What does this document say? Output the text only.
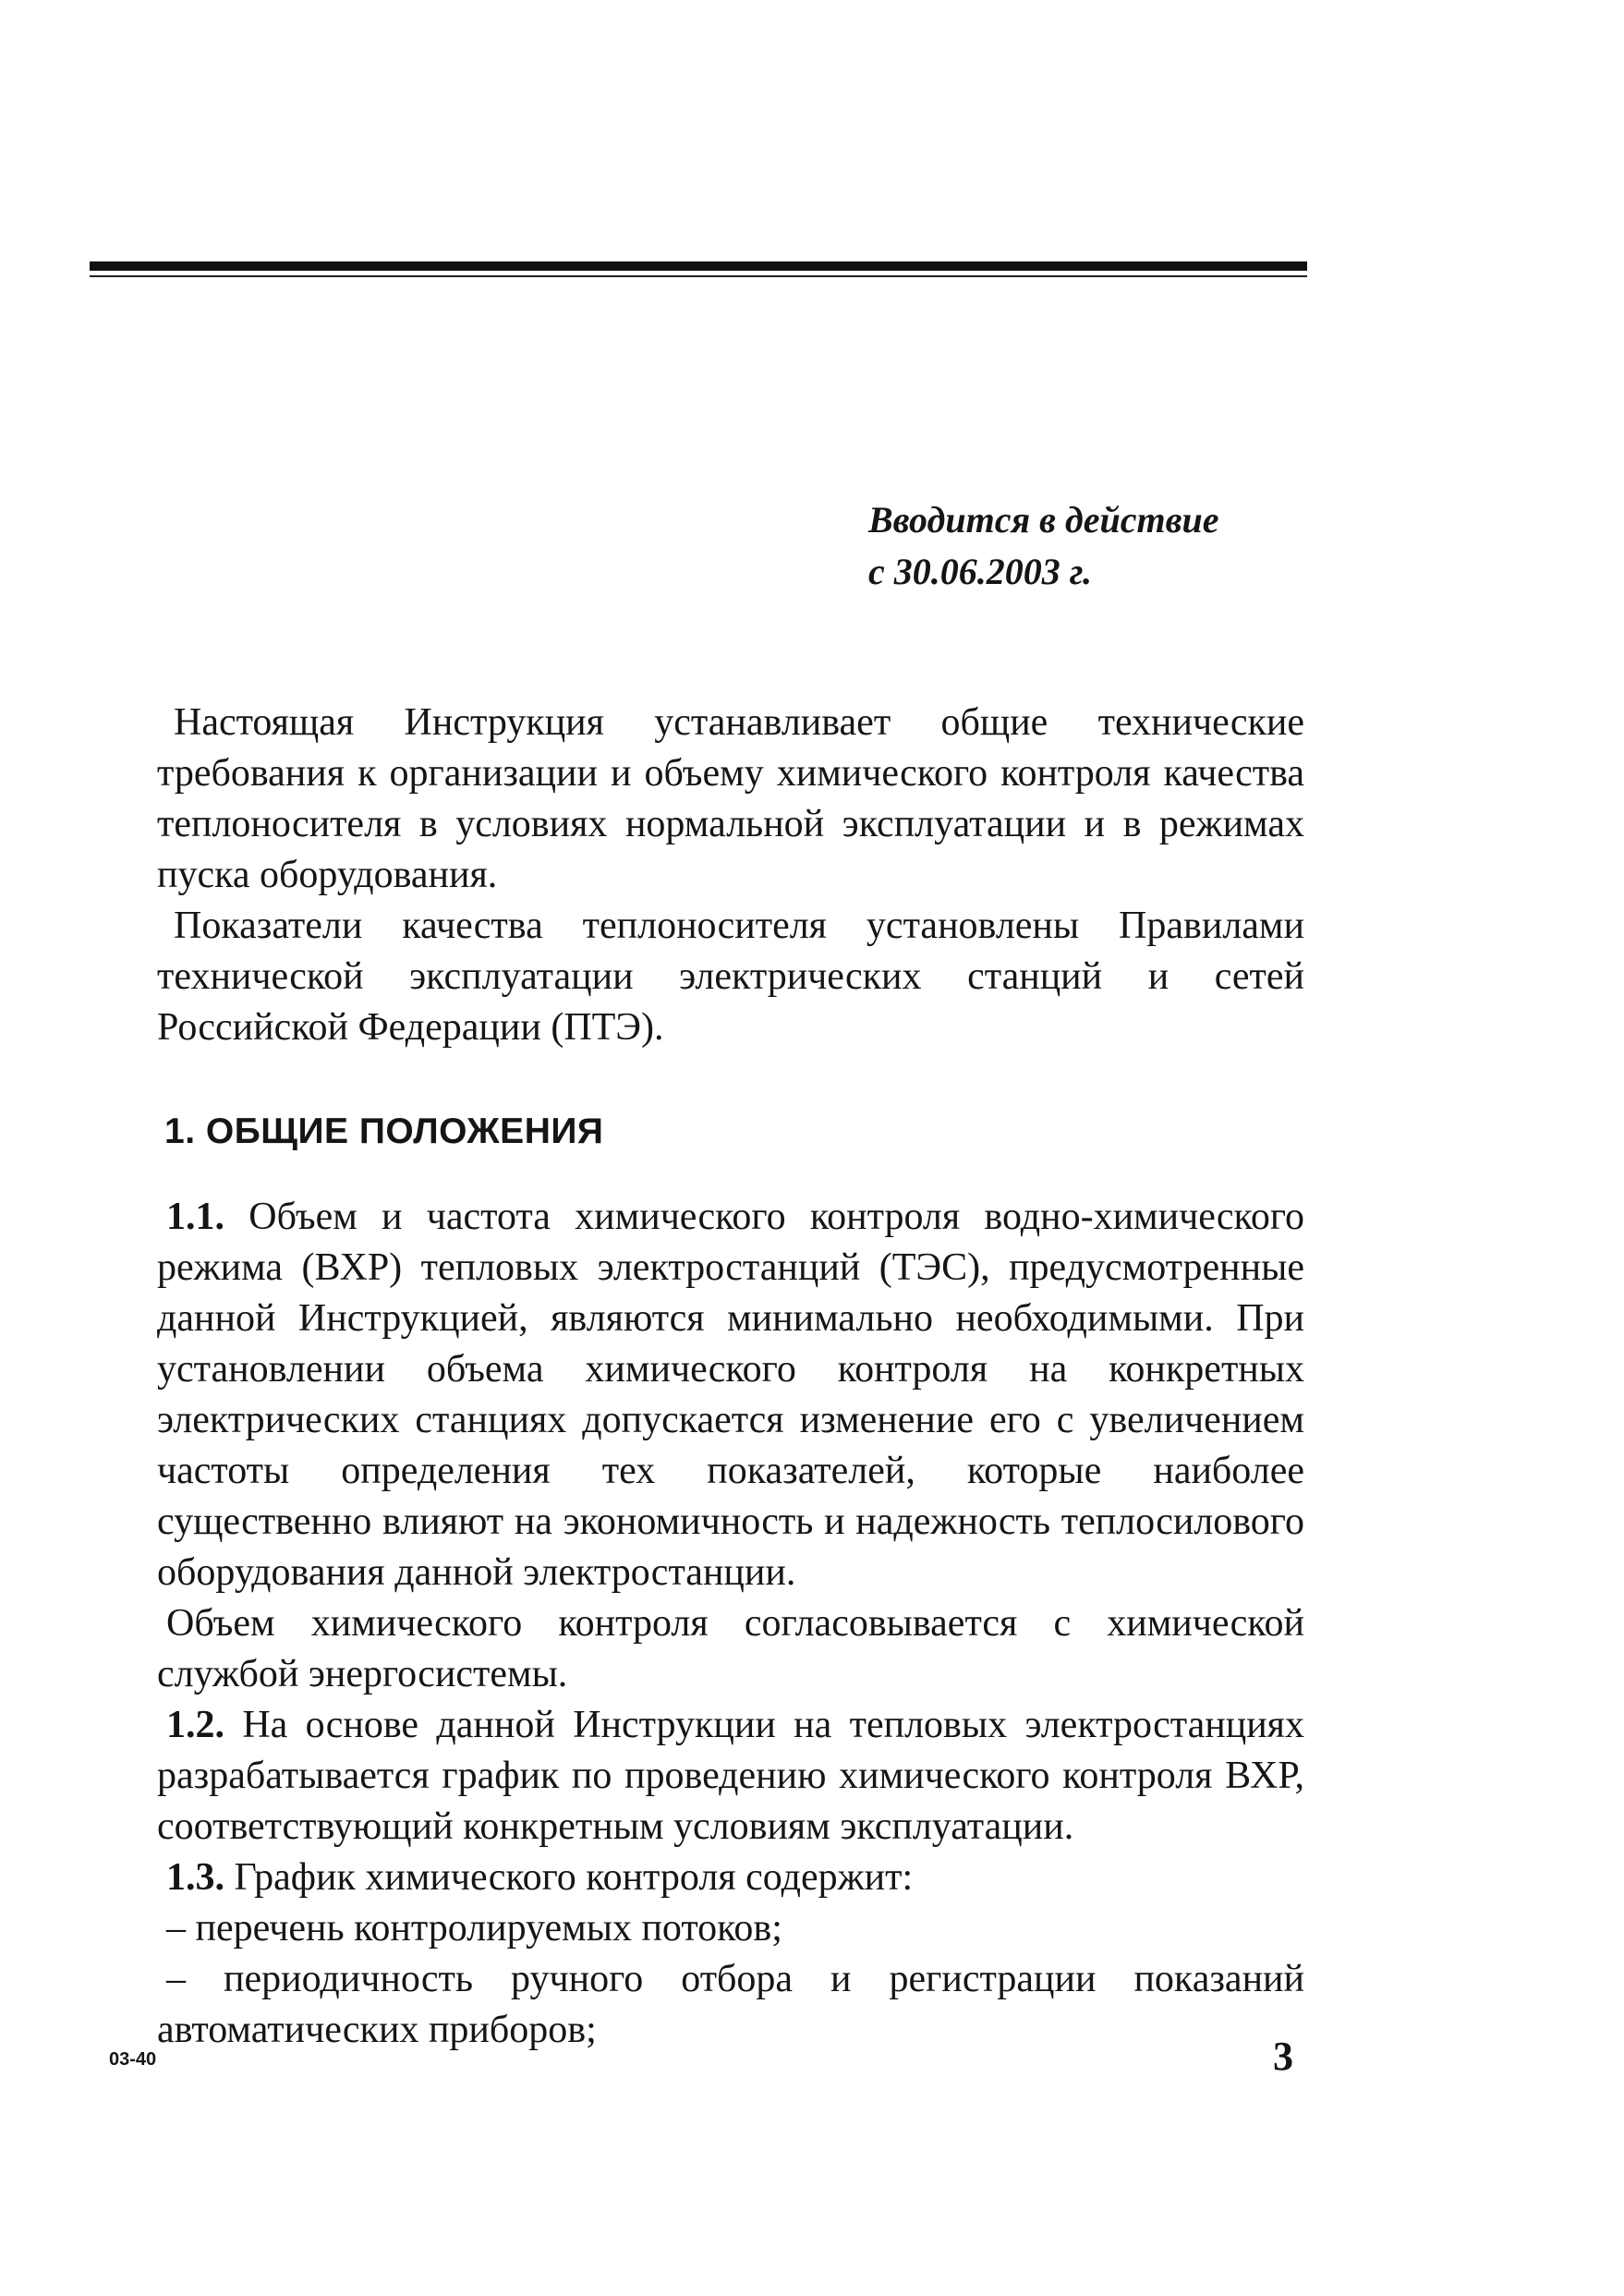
Вводится в действие
с 30.06.2003 г.

Настоящая Инструкция устанавливает общие технические требования к организации и объему химического контроля качества теплоносителя в условиях нормальной эксплуатации и в режимах пуска оборудования.

Показатели качества теплоносителя установлены Правилами технической эксплуатации электрических станций и сетей Российской Федерации (ПТЭ).

1. ОБЩИЕ ПОЛОЖЕНИЯ

1.1. Объем и частота химического контроля водно-химического режима (ВХР) тепловых электростанций (ТЭС), предусмотренные данной Инструкцией, являются минимально необходимыми. При установлении объема химического контроля на конкретных электрических станциях допускается изменение его с увеличением частоты определения тех показателей, которые наиболее существенно влияют на экономичность и надежность теплосилового оборудования данной электростанции.

Объем химического контроля согласовывается с химической службой энергосистемы.

1.2. На основе данной Инструкции на тепловых электростанциях разрабатывается график по проведению химического контроля ВХР, соответствующий конкретным условиям эксплуатации.

1.3. График химического контроля содержит:

– перечень контролируемых потоков;

– периодичность ручного отбора и регистрации показаний автоматических приборов;

03-40	3
